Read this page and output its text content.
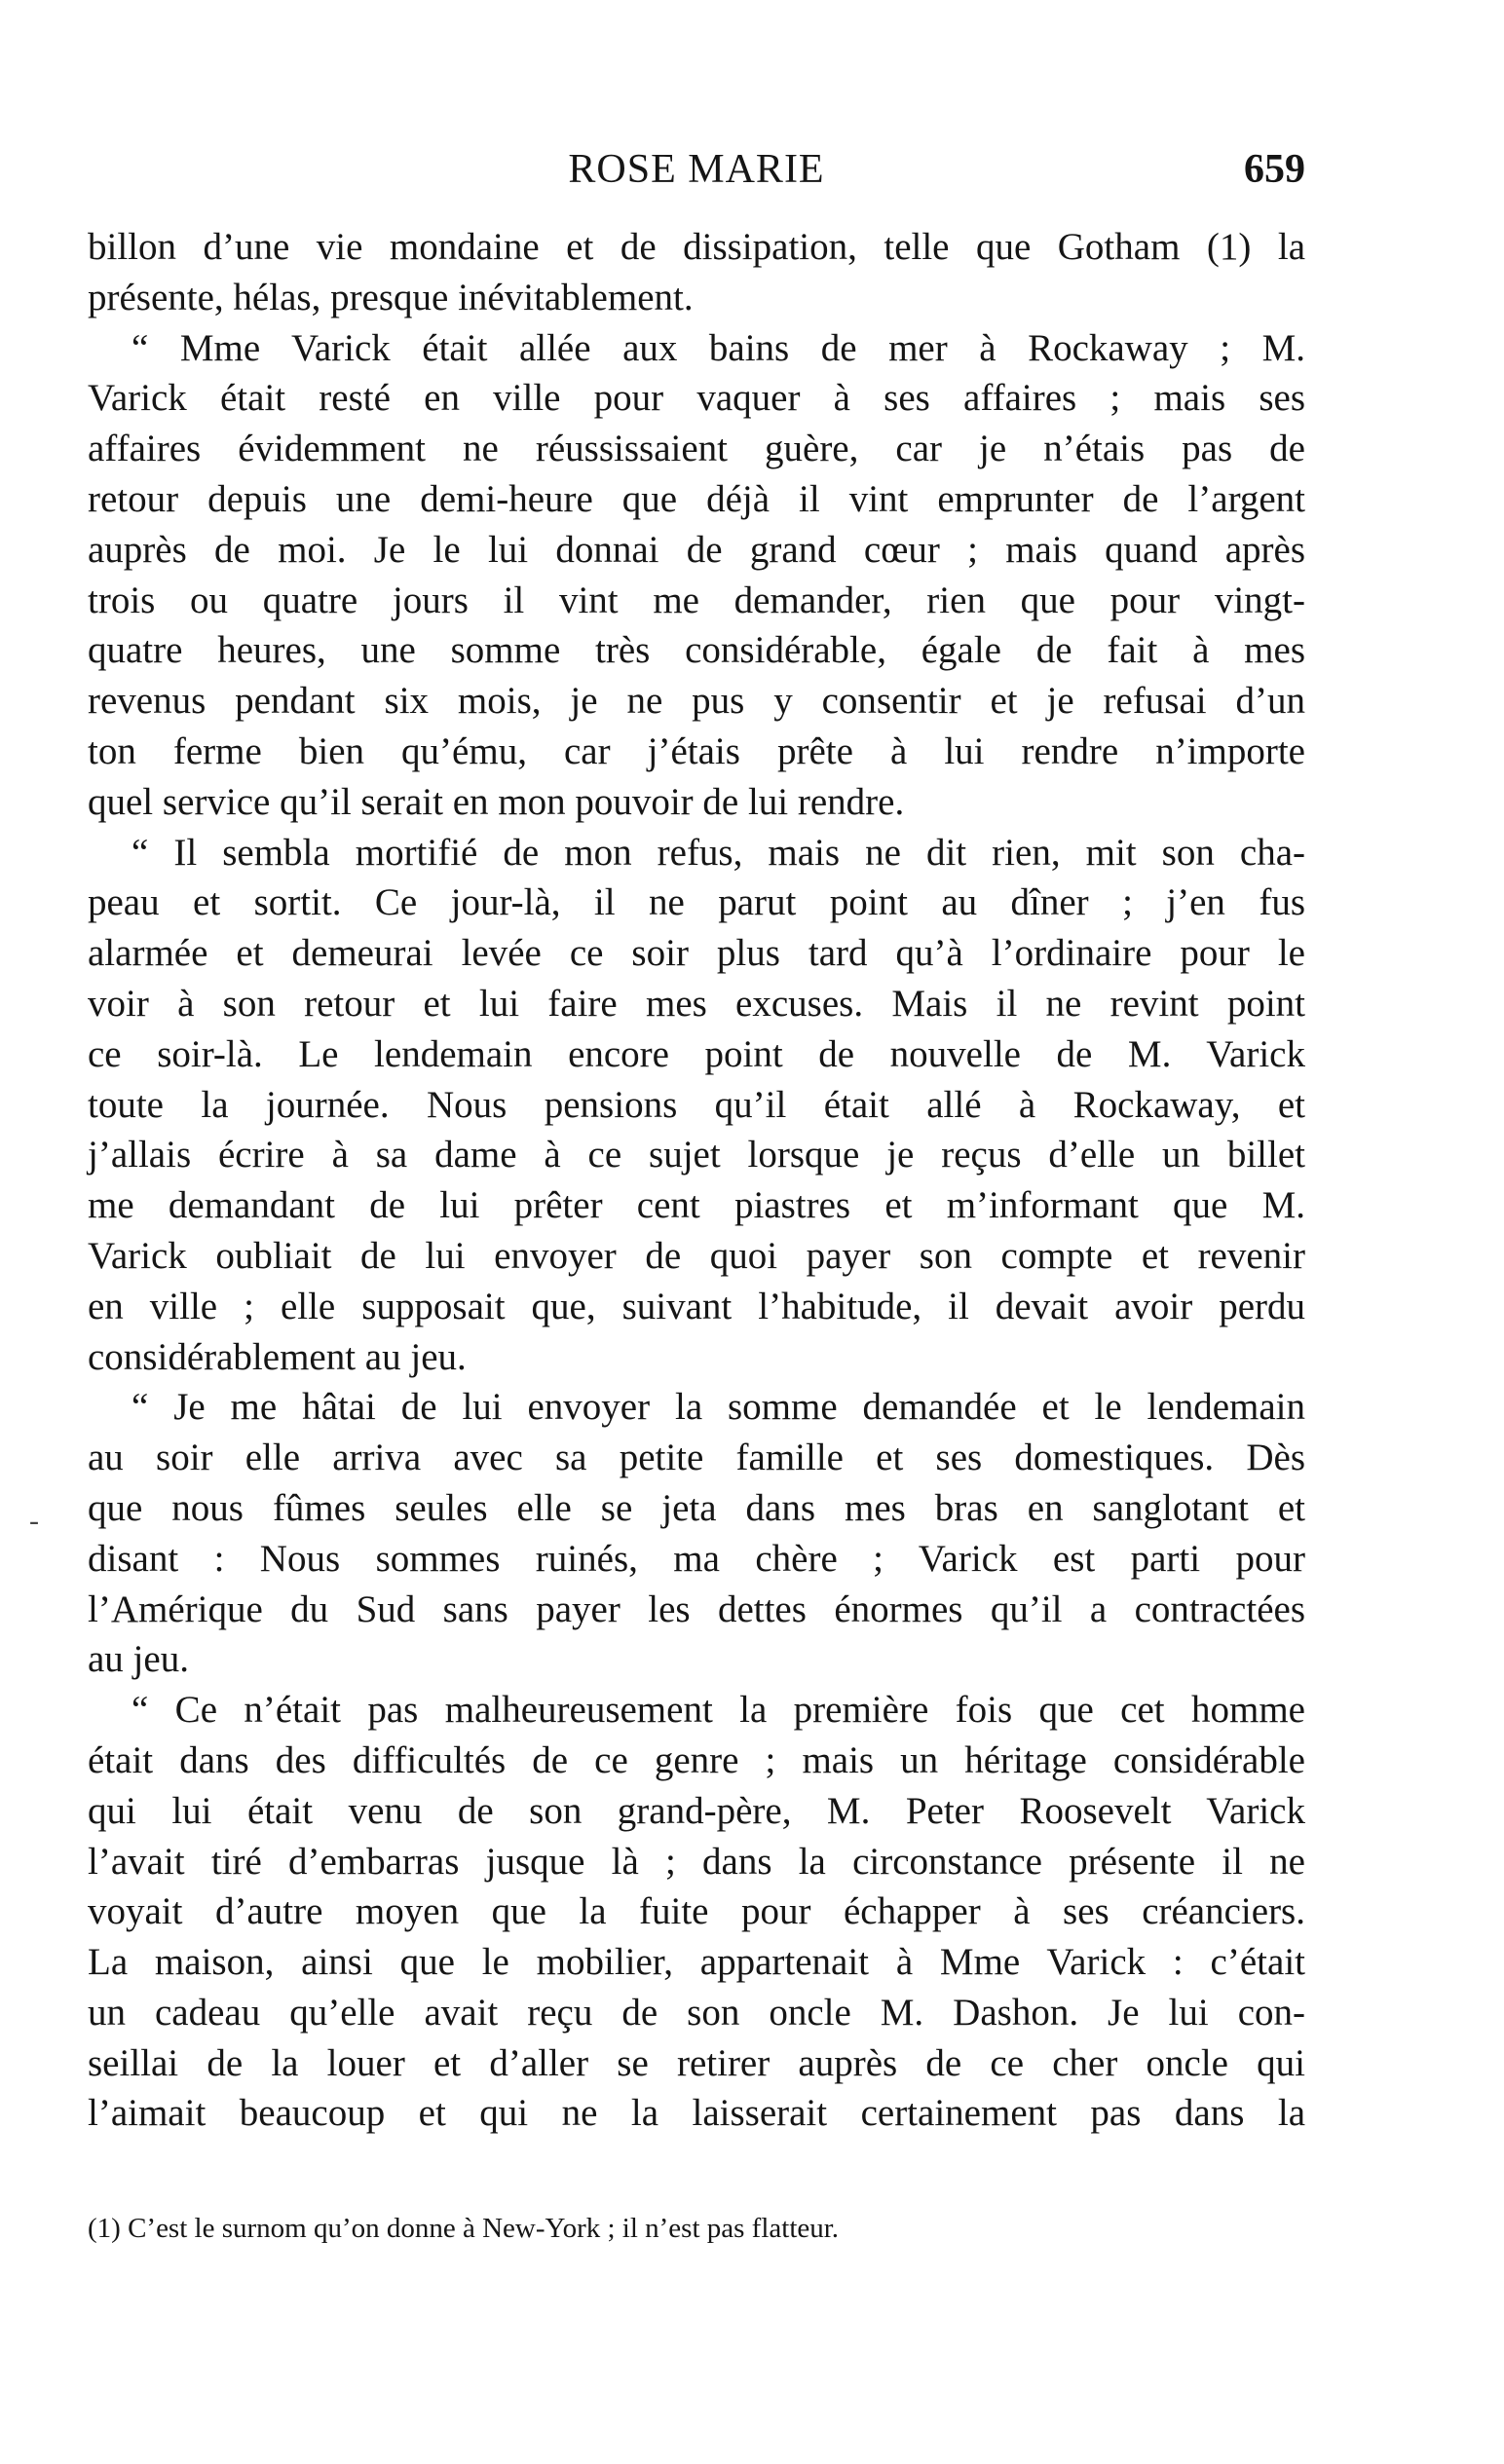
ROSE MARIE	659
-
billon d’une vie mondaine et de dissipation, telle que Gotham (1) la
présente, hélas, presque inévitablement.
“ Mme Varick était allée aux bains de mer à Rockaway ; M.
Varick était resté en ville pour vaquer à ses affaires ; mais ses
affaires évidemment ne réussissaient guère, car je n’étais pas de
retour depuis une demi-heure que déjà il vint emprunter de l’argent
auprès de moi. Je le lui donnai de grand cœur ; mais quand après
trois ou quatre jours il vint me demander, rien que pour vingt-
quatre heures, une somme très considérable, égale de fait à mes
revenus pendant six mois, je ne pus y consentir et je refusai d’un
ton ferme bien qu’ému, car j’étais prête à lui rendre n’importe
quel service qu’il serait en mon pouvoir de lui rendre.
“ Il sembla mortifié de mon refus, mais ne dit rien, mit son cha-
peau et sortit. Ce jour-là, il ne parut point au dîner ; j’en fus
alarmée et demeurai levée ce soir plus tard qu’à l’ordinaire pour le
voir à son retour et lui faire mes excuses. Mais il ne revint point
ce soir-là. Le lendemain encore point de nouvelle de M. Varick
toute la journée. Nous pensions qu’il était allé à Rockaway, et
j’allais écrire à sa dame à ce sujet lorsque je reçus d’elle un billet
me demandant de lui prêter cent piastres et m’informant que M.
Varick oubliait de lui envoyer de quoi payer son compte et revenir
en ville ; elle supposait que, suivant l’habitude, il devait avoir perdu
considérablement au jeu.
“ Je me hâtai de lui envoyer la somme demandée et le lendemain
au soir elle arriva avec sa petite famille et ses domestiques. Dès
que nous fûmes seules elle se jeta dans mes bras en sanglotant et
disant : Nous sommes ruinés, ma chère ; Varick est parti pour
l’Amérique du Sud sans payer les dettes énormes qu’il a contractées
au jeu.
“ Ce n’était pas malheureusement la première fois que cet homme
était dans des difficultés de ce genre ; mais un héritage considérable
qui lui était venu de son grand-père, M. Peter Roosevelt Varick
l’avait tiré d’embarras jusque là ; dans la circonstance présente il ne
voyait d’autre moyen que la fuite pour échapper à ses créanciers.
La maison, ainsi que le mobilier, appartenait à Mme Varick : c’était
un cadeau qu’elle avait reçu de son oncle M. Dashon. Je lui con-
seillai de la louer et d’aller se retirer auprès de ce cher oncle qui
l’aimait beaucoup et qui ne la laisserait certainement pas dans la
(1) C’est le surnom qu’on donne à New-York ; il n’est pas flatteur.
